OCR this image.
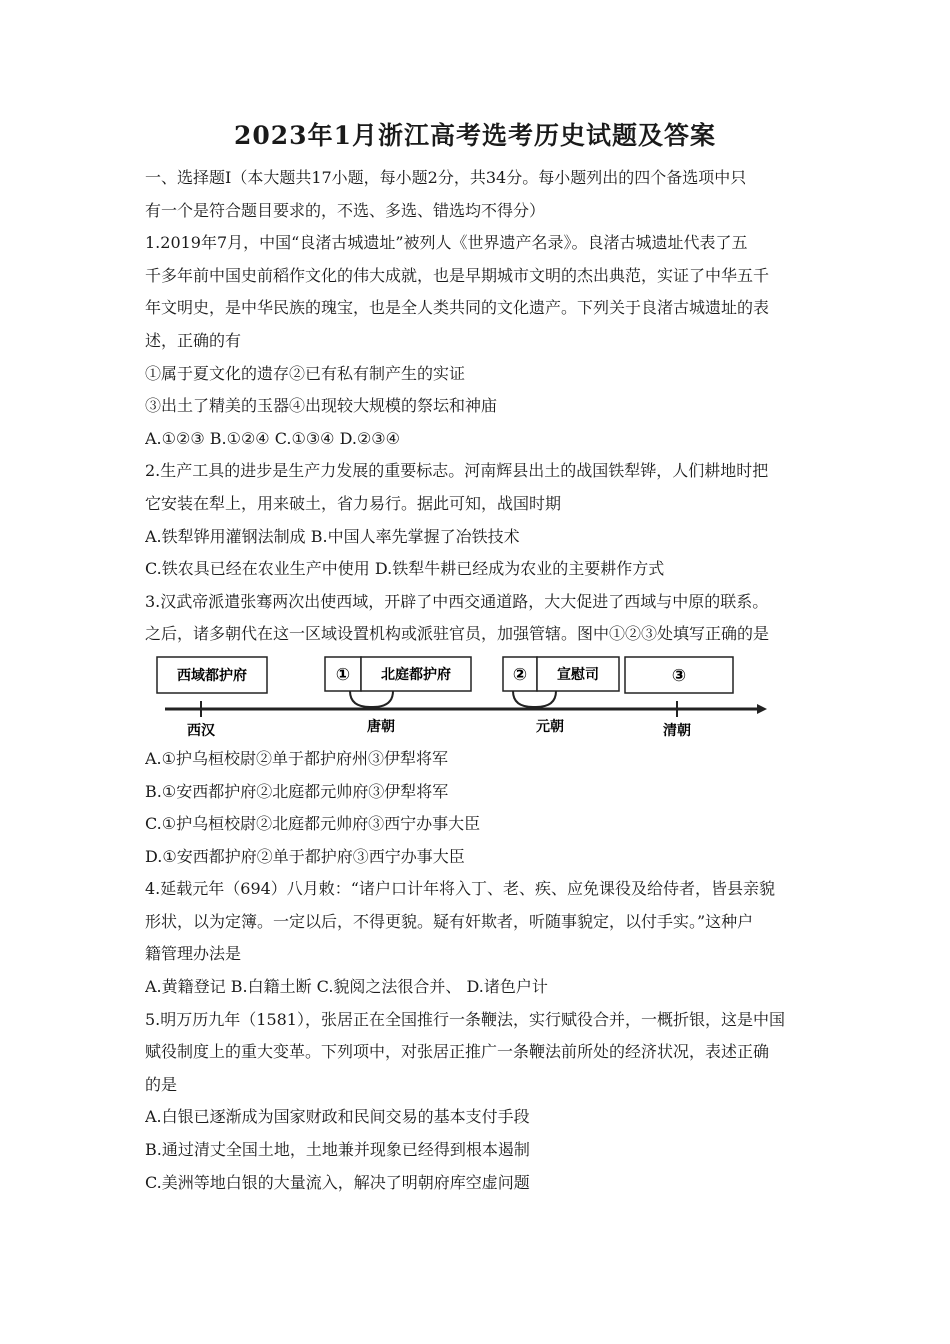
2023年1月浙江高考选考历史试题及答案
一、选择题Ⅰ（本大题共17小题，每小题2分，共34分。每小题列出的四个备选项中只
有一个是符合题目要求的，不选、多选、错选均不得分）
1.2019年7月，中国“良渚古城遗址”被列人《世界遗产名录》。良渚古城遗址代表了五
千多年前中国史前稻作文化的伟大成就，也是早期城市文明的杰出典范，实证了中华五千
年文明史，是中华民族的瑰宝，也是全人类共同的文化遗产。下列关于良渚古城遗址的表
述，正确的有
①属于夏文化的遗存②已有私有制产生的实证
③出土了精美的玉器④出现较大规模的祭坛和神庙
A.①②③ B.①②④ C.①③④ D.②③④
2.生产工具的进步是生产力发展的重要标志。河南辉县出土的战国铁犁铧，人们耕地时把
它安装在犁上，用来破土，省力易行。据此可知，战国时期
A.铁犁铧用灌钢法制成 B.中国人率先掌握了冶铁技术
C.铁农具已经在农业生产中使用 D.铁犁牛耕已经成为农业的主要耕作方式
3.汉武帝派遣张骞两次出使西域，开辟了中西交通道路，大大促进了西域与中原的联系。
之后，诸多朝代在这一区域设置机构或派驻官员，加强管辖。图中①②③处填写正确的是
西域都护府	① 北庭都护府	② 宣慰司	③
西汉	唐朝	元朝	清朝
A.①护乌桓校尉②单于都护府州③伊犁将军
B.①安西都护府②北庭都元帅府③伊犁将军
C.①护乌桓校尉②北庭都元帅府③西宁办事大臣
D.①安西都护府②单于都护府③西宁办事大臣
4.延载元年（694）八月敕：“诸户口计年将入丁、老、疾、应免课役及给侍者，皆县亲貌
形状，以为定簿。一定以后，不得更貌。疑有奸欺者，听随事貌定，以付手实。”这种户
籍管理办法是
A.黄籍登记 B.白籍土断 C.貌阅之法很合并、 D.诸色户计
5.明万历九年（1581），张居正在全国推行一条鞭法，实行赋役合并，一概折银，这是中国
赋役制度上的重大变革。下列项中，对张居正推广一条鞭法前所处的经济状况，表述正确
的是
A.白银已逐渐成为国家财政和民间交易的基本支付手段
B.通过清丈全国土地，土地兼并现象已经得到根本遏制
C.美洲等地白银的大量流入，解决了明朝府库空虚问题
